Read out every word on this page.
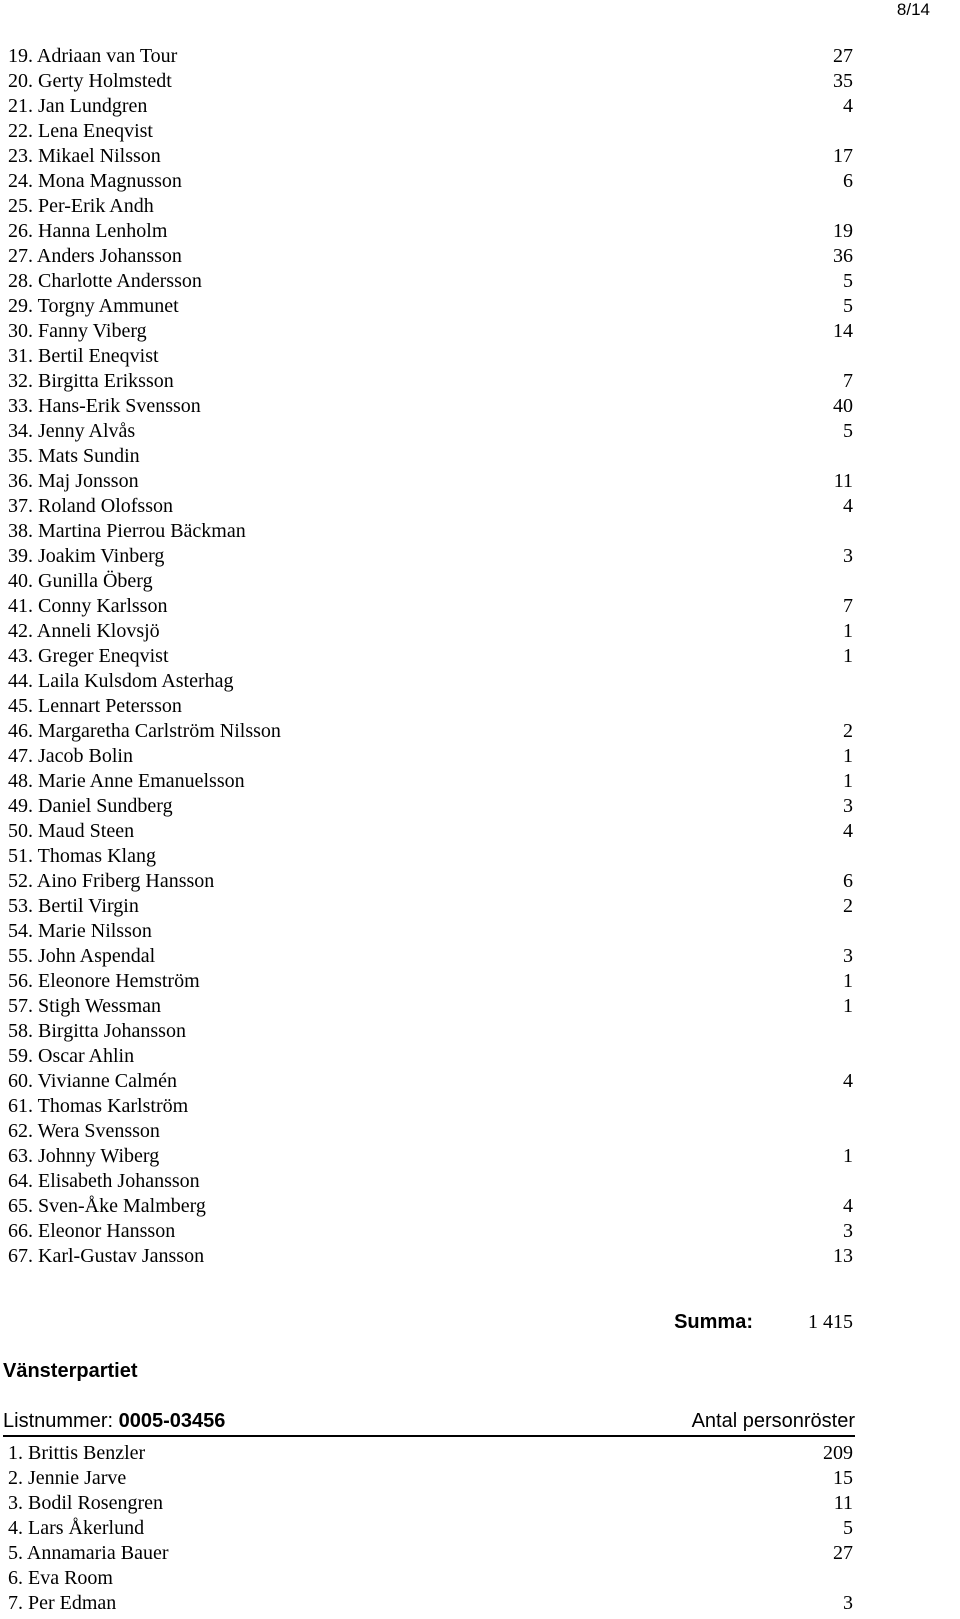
8/14
19. Adriaan van Tour	27
20. Gerty Holmstedt	35
21. Jan Lundgren	4
22. Lena Eneqvist
23. Mikael Nilsson	17
24. Mona Magnusson	6
25. Per-Erik Andh
26. Hanna Lenholm	19
27. Anders Johansson	36
28. Charlotte Andersson	5
29. Torgny Ammunet	5
30. Fanny Viberg	14
31. Bertil Eneqvist
32. Birgitta Eriksson	7
33. Hans-Erik Svensson	40
34. Jenny Alvås	5
35. Mats Sundin
36. Maj Jonsson	11
37. Roland Olofsson	4
38. Martina Pierrou Bäckman
39. Joakim Vinberg	3
40. Gunilla Öberg
41. Conny Karlsson	7
42. Anneli Klovsjö	1
43. Greger Eneqvist	1
44. Laila Kulsdom Asterhag
45. Lennart Petersson
46. Margaretha Carlström Nilsson	2
47. Jacob Bolin	1
48. Marie Anne Emanuelsson	1
49. Daniel Sundberg	3
50. Maud Steen	4
51. Thomas Klang
52. Aino Friberg Hansson	6
53. Bertil Virgin	2
54. Marie Nilsson
55. John Aspendal	3
56. Eleonore Hemström	1
57. Stigh Wessman	1
58. Birgitta Johansson
59. Oscar Ahlin
60. Vivianne Calmén	4
61. Thomas Karlström
62. Wera Svensson
63. Johnny Wiberg	1
64. Elisabeth Johansson
65. Sven-Åke Malmberg	4
66. Eleonor Hansson	3
67. Karl-Gustav Jansson	13
Summa:	1 415
Vänsterpartiet
Listnummer: 0005-03456	Antal personröster
1. Brittis Benzler	209
2. Jennie Jarve	15
3. Bodil Rosengren	11
4. Lars Åkerlund	5
5. Annamaria Bauer	27
6. Eva Room
7. Per Edman	3
